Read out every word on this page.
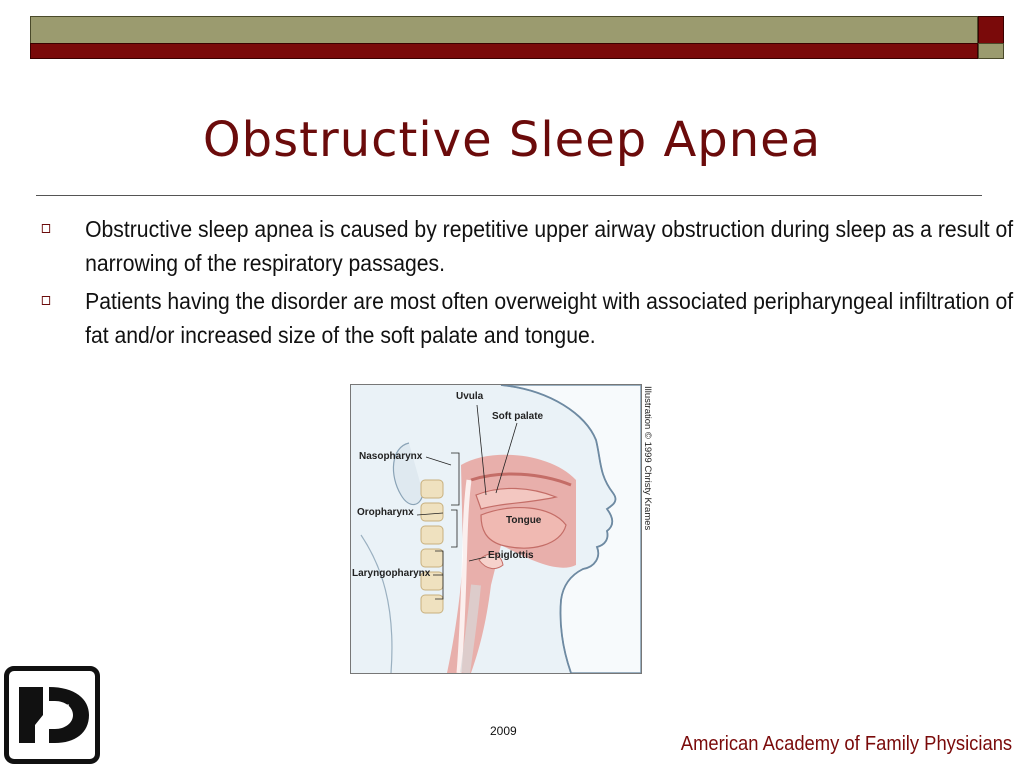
Obstructive Sleep Apnea
Obstructive sleep apnea is caused by repetitive upper airway obstruction during sleep as a result of narrowing of the respiratory passages.
Patients having the disorder are most often overweight with associated peripharyngeal infiltration of fat and/or increased size of the soft palate and tongue.
Uvula
Soft palate
Nasopharynx
Oropharynx
Tongue
Epiglottis
Laryngopharynx
Illustration © 1999 Christy Krames
2009
American Academy of Family Physicians
